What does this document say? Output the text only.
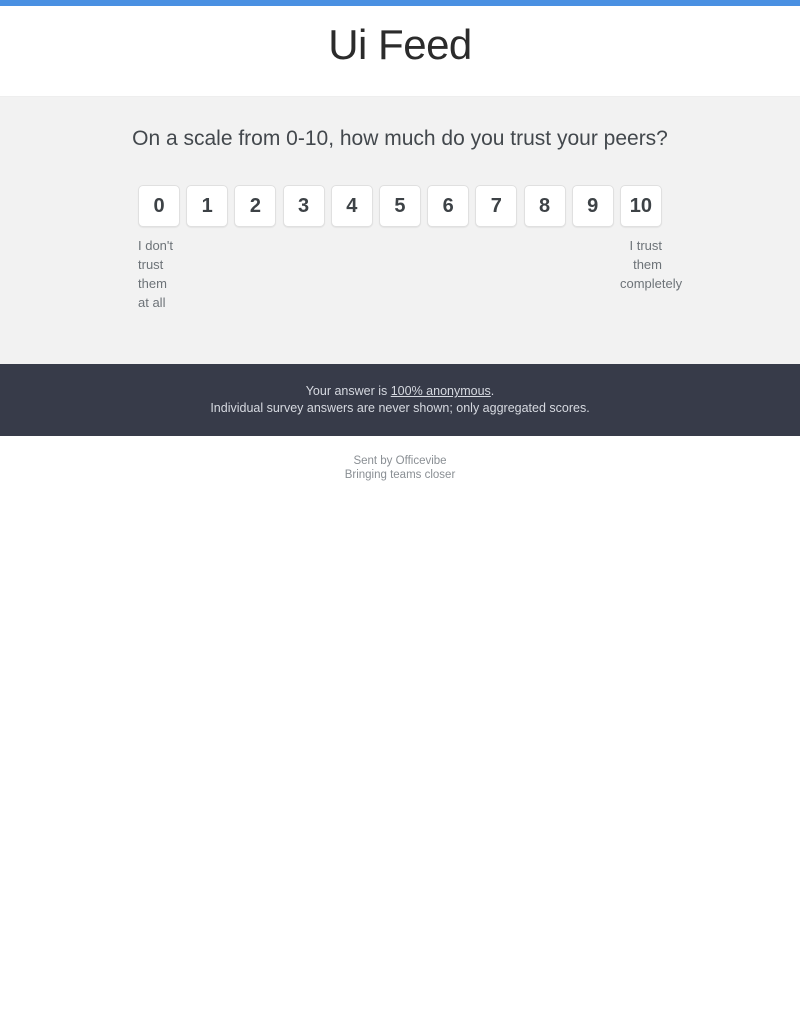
Ui Feed
On a scale from 0-10, how much do you trust your peers?
0	1	2	3	4	5	6	7	8	9	10
I don't trust them at all
I trust them completely
Your answer is 100% anonymous.
Individual survey answers are never shown; only aggregated scores.
Sent by Officevibe
Bringing teams closer
